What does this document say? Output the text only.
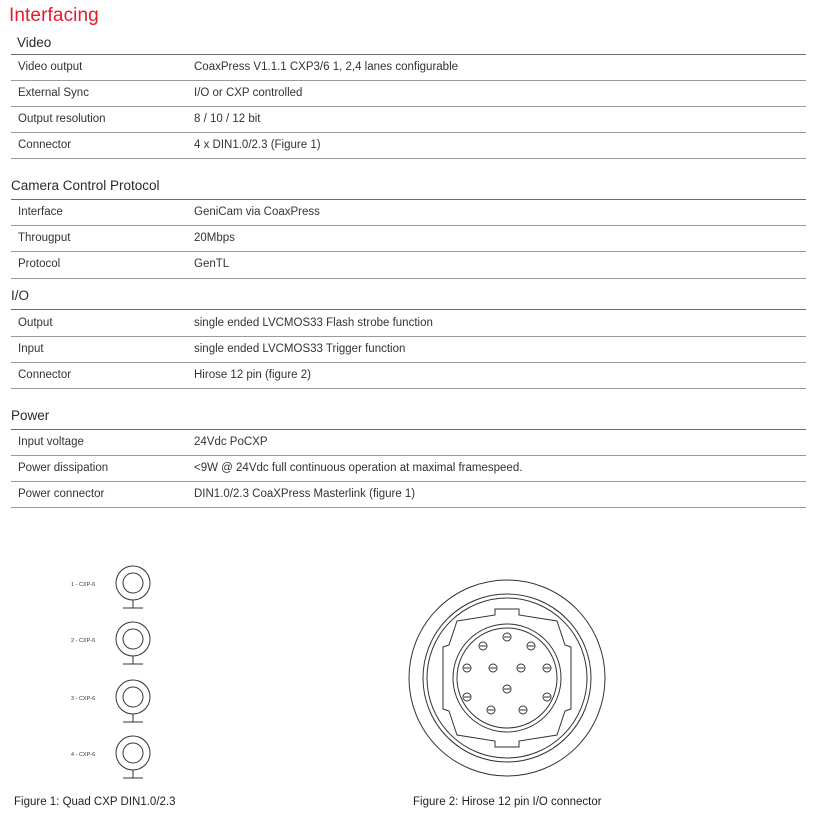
Interfacing
Video
Video output	CoaxPress V1.1.1 CXP3/6 1, 2,4 lanes configurable
External Sync	I/O or CXP controlled
Output resolution	8 / 10 / 12 bit
Connector	4 x DIN1.0/2.3 (Figure 1)
Camera Control Protocol
Interface	GeniCam via CoaxPress
Througput	20Mbps
Protocol	GenTL
I/O
Output	single ended LVCMOS33 Flash strobe function
Input	single ended LVCMOS33 Trigger function
Connector	Hirose 12 pin (figure 2)
Power
Input voltage	24Vdc PoCXP
Power dissipation	<9W @ 24Vdc full continuous operation at maximal framespeed.
Power connector	DIN1.0/2.3 CoaXPress Masterlink (figure 1)
1 - CXP-6
2 - CXP-6
3 - CXP-6
4 - CXP-6
Figure 1: Quad CXP DIN1.0/2.3	Figure 2: Hirose 12 pin I/O connector
